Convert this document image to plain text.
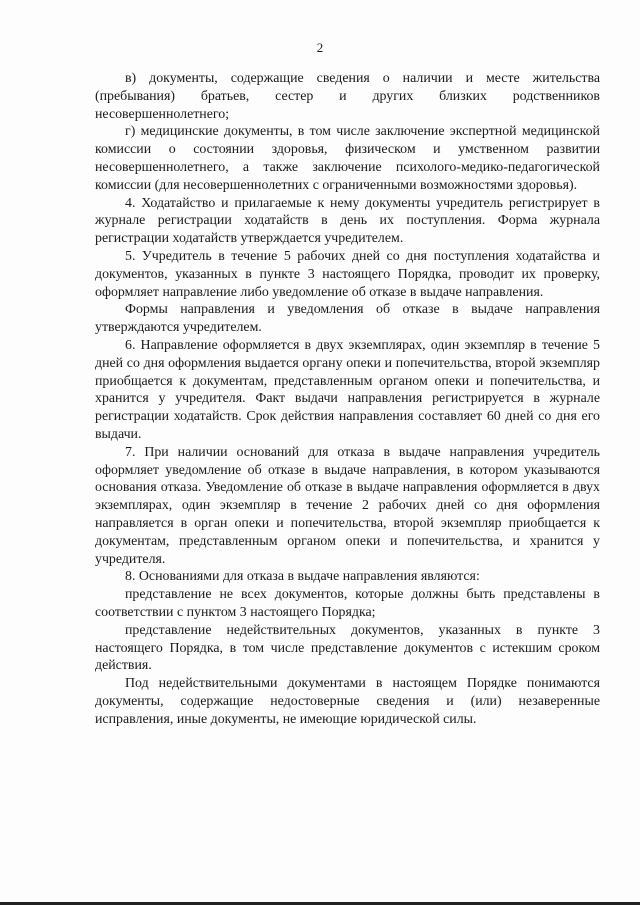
2

в) документы, содержащие сведения о наличии и месте жительства (пребывания) братьев, сестер и других близких родственников несовершеннолетнего;

г) медицинские документы, в том числе заключение экспертной медицинской комиссии о состоянии здоровья, физическом и умственном развитии несовершеннолетнего, а также заключение психолого-медико-педагогической комиссии (для несовершеннолетних с ограниченными возможностями здоровья).

4. Ходатайство и прилагаемые к нему документы учредитель регистрирует в журнале регистрации ходатайств в день их поступления. Форма журнала регистрации ходатайств утверждается учредителем.

5. Учредитель в течение 5 рабочих дней со дня поступления ходатайства и документов, указанных в пункте 3 настоящего Порядка, проводит их проверку, оформляет направление либо уведомление об отказе в выдаче направления.

Формы направления и уведомления об отказе в выдаче направления утверждаются учредителем.

6. Направление оформляется в двух экземплярах, один экземпляр в течение 5 дней со дня оформления выдается органу опеки и попечительства, второй экземпляр приобщается к документам, представленным органом опеки и попечительства, и хранится у учредителя. Факт выдачи направления регистрируется в журнале регистрации ходатайств. Срок действия направления составляет 60 дней со дня его выдачи.

7. При наличии оснований для отказа в выдаче направления учредитель оформляет уведомление об отказе в выдаче направления, в котором указываются основания отказа. Уведомление об отказе в выдаче направления оформляется в двух экземплярах, один экземпляр в течение 2 рабочих дней со дня оформления направляется в орган опеки и попечительства, второй экземпляр приобщается к документам, представленным органом опеки и попечительства, и хранится у учредителя.

8. Основаниями для отказа в выдаче направления являются:

представление не всех документов, которые должны быть представлены в соответствии с пунктом 3 настоящего Порядка;

представление недействительных документов, указанных в пункте 3 настоящего Порядка, в том числе представление документов с истекшим сроком действия.

Под недействительными документами в настоящем Порядке понимаются документы, содержащие недостоверные сведения и (или) незаверенные исправления, иные документы, не имеющие юридической силы.
